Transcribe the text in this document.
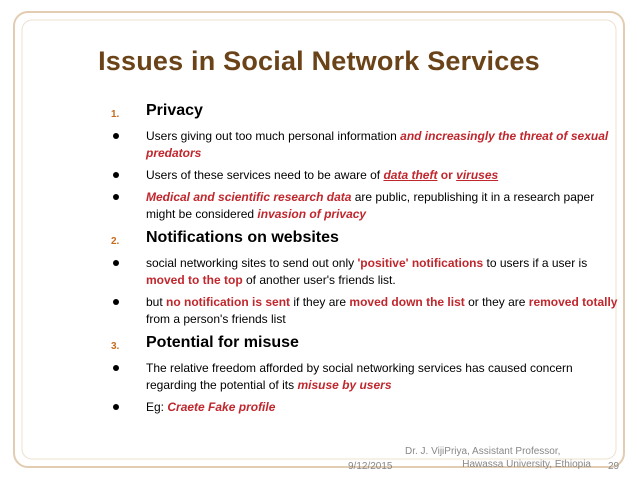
Issues in Social Network Services
1. Privacy
Users giving out too much personal information and increasingly the threat of sexual predators
Users of these services need to be aware of data theft or viruses
Medical and scientific research data are public, republishing it in a research paper might be considered invasion of privacy
2. Notifications on websites
social networking sites to send out only 'positive' notifications to users if a user is moved to the top of another user's friends list.
but no notification is sent if they are moved down the list or they are removed totally from a person's friends list
3. Potential for misuse
The relative freedom afforded by social networking services has caused concern regarding the potential of its misuse by users
Eg: Craete Fake profile
9/12/2015
Dr. J. VijiPriya, Assistant Professor,
Hawassa University, Ethiopia	29
